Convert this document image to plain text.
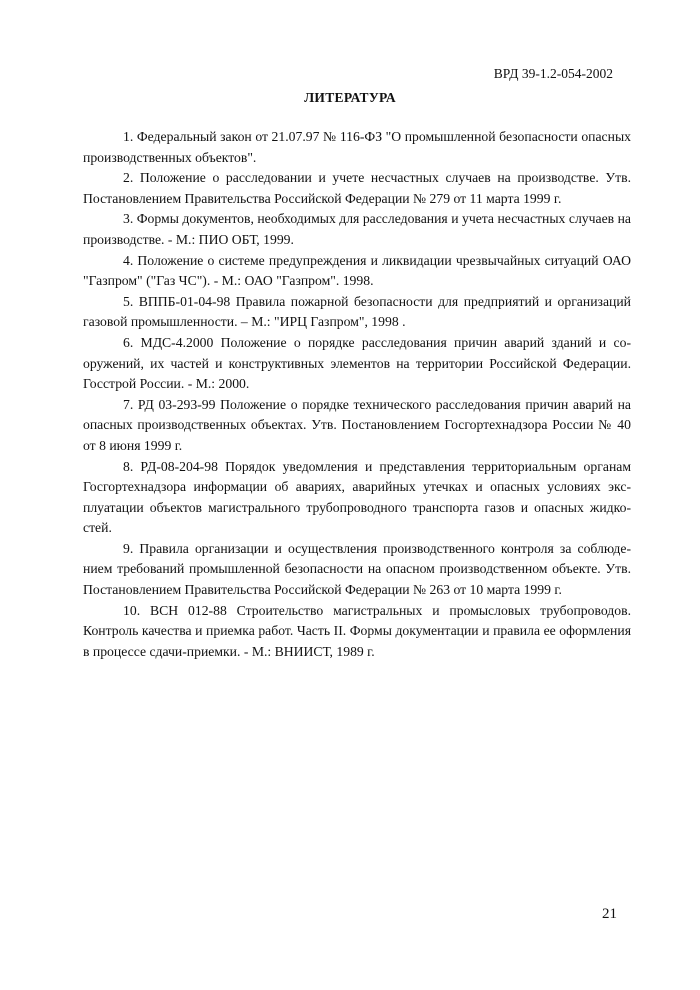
ВРД 39-1.2-054-2002
ЛИТЕРАТУРА

1. Федеральный закон от 21.07.97 № 116-ФЗ "О промышленной безопасности опасных производственных объектов".

2. Положение о расследовании и учете несчастных случаев на производстве. Утв. Постановлением Правительства Российской Федерации № 279 от 11 марта 1999 г.

3. Формы документов, необходимых для расследования и учета несчастных случаев на производстве. - М.: ПИО ОБТ, 1999.

4. Положение о системе предупреждения и ликвидации чрезвычайных ситуаций ОАО "Газпром" ("Газ ЧС"). - М.: ОАО "Газпром". 1998.

5. ВППБ-01-04-98 Правила пожарной безопасности для предприятий и организаций газовой промышленности. – М.: "ИРЦ Газпром", 1998 .

6. МДС-4.2000 Положение о порядке расследования причин аварий зданий и сооружений, их частей и конструктивных элементов на территории Российской Федерации. Госстрой России. - М.: 2000.

7. РД 03-293-99 Положение о порядке технического расследования причин аварий на опасных производственных объектах. Утв. Постановлением Госгортехнадзора России № 40 от 8 июня 1999 г.

8. РД-08-204-98 Порядок уведомления и представления территориальным органам Госгортехнадзора информации об авариях, аварийных утечках и опасных условиях эксплуатации объектов магистрального трубопроводного транспорта газов и опасных жидкостей.

9. Правила организации и осуществления производственного контроля за соблюдением требований промышленной безопасности на опасном производственном объекте. Утв. Постановлением Правительства Российской Федерации № 263 от 10 марта 1999 г.

10. ВСН 012-88 Строительство магистральных и промысловых трубопроводов. Контроль качества и приемка работ. Часть II. Формы документации и правила ее оформления в процессе сдачи-приемки. - М.: ВНИИСТ, 1989 г.

21
